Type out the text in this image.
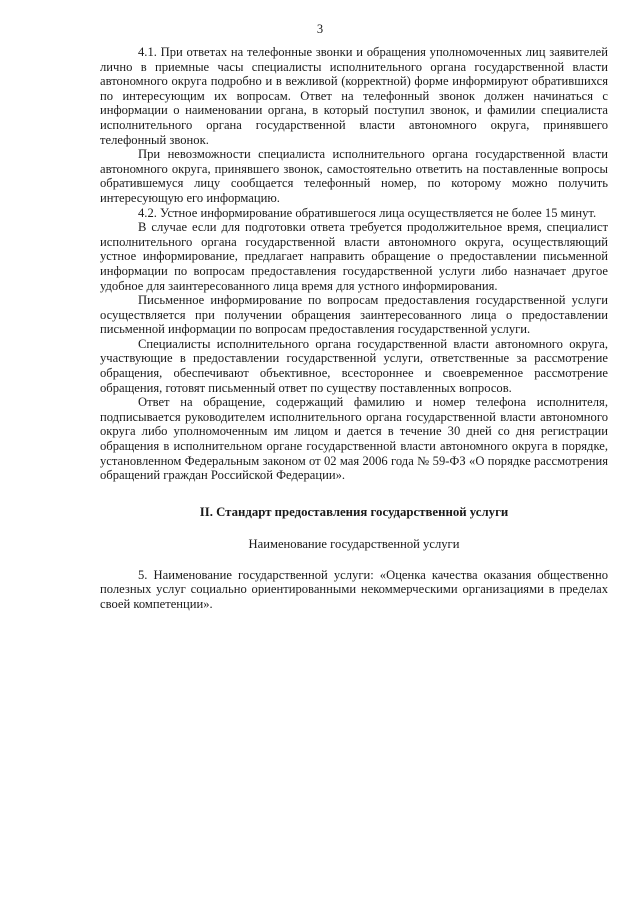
3

4.1. При ответах на телефонные звонки и обращения уполномоченных лиц заявителей лично в приемные часы специалисты исполнительного органа государственной власти автономного округа подробно и в вежливой (корректной) форме информируют обратившихся по интересующим их вопросам. Ответ на телефонный звонок должен начинаться с информации о наименовании органа, в который поступил звонок, и фамилии специалиста исполнительного органа государственной власти автономного округа, принявшего телефонный звонок.

При невозможности специалиста исполнительного органа государственной власти автономного округа, принявшего звонок, самостоятельно ответить на поставленные вопросы обратившемуся лицу сообщается телефонный номер, по которому можно получить интересующую его информацию.

4.2. Устное информирование обратившегося лица осуществляется не более 15 минут.

В случае если для подготовки ответа требуется продолжительное время, специалист исполнительного органа государственной власти автономного округа, осуществляющий устное информирование, предлагает направить обращение о предоставлении письменной информации по вопросам предоставления государственной услуги либо назначает другое удобное для заинтересованного лица время для устного информирования.

Письменное информирование по вопросам предоставления государственной услуги осуществляется при получении обращения заинтересованного лица о предоставлении письменной информации по вопросам предоставления государственной услуги.

Специалисты исполнительного органа государственной власти автономного округа, участвующие в предоставлении государственной услуги, ответственные за рассмотрение обращения, обеспечивают объективное, всестороннее и своевременное рассмотрение обращения, готовят письменный ответ по существу поставленных вопросов.

Ответ на обращение, содержащий фамилию и номер телефона исполнителя, подписывается руководителем исполнительного органа государственной власти автономного округа либо уполномоченным им лицом и дается в течение 30 дней со дня регистрации обращения в исполнительном органе государственной власти автономного округа в порядке, установленном Федеральным законом от 02 мая 2006 года № 59-ФЗ «О порядке рассмотрения обращений граждан Российской Федерации».

II. Стандарт предоставления государственной услуги
Наименование государственной услуги

5. Наименование государственной услуги: «Оценка качества оказания общественно полезных услуг социально ориентированными некоммерческими организациями в пределах своей компетенции».
